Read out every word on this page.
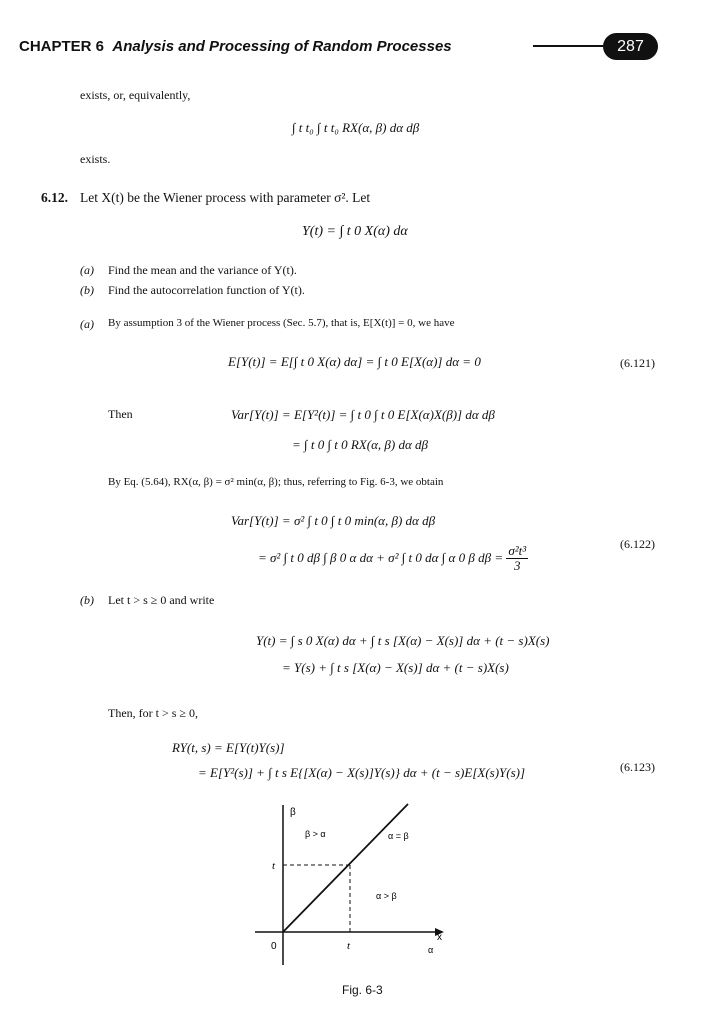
CHAPTER 6 Analysis and Processing of Random Processes	287
exists, or, equivalently,
∫ t t₀ ∫ t t₀ RX(α, β) dα dβ
exists.
6.12. Let X(t) be the Wiener process with parameter σ². Let
Y(t) = ∫ t 0 X(α) dα
(a) Find the mean and the variance of Y(t).
(b) Find the autocorrelation function of Y(t).
(a) By assumption 3 of the Wiener process (Sec. 5.7), that is, E[X(t)] = 0, we have
E[Y(t)] = E[∫ t 0 X(α) dα] = ∫ t 0 E[X(α)] dα = 0	(6.121)
Then	Var[Y(t)] = E[Y²(t)] = ∫ t 0 ∫ t 0 E[X(α)X(β)] dα dβ
= ∫ t 0 ∫ t 0 RX(α, β) dα dβ
By Eq. (5.64), RX(α, β) = σ² min(α, β); thus, referring to Fig. 6-3, we obtain
Var[Y(t)] = σ² ∫ t 0 ∫ t 0 min(α, β) dα dβ
= σ² ∫ t 0 dβ ∫ β 0 α dα + σ² ∫ t 0 dα ∫ α 0 β $d\beta = \frac{\text{σ²t³}}{3}$	(6.122)
(b) Let t > s ≥ 0 and write
Y(t) = ∫ s 0 X(α) dα + ∫ t s [X(α) − X(s)] dα + (t − s)X(s)
= Y(s) + ∫ t s [X(α) − X(s)] dα + (t − s)X(s)
Then, for t > s ≥ 0,
RY(t, s) = E[Y(t)Y(s)]
= E[Y²(s)] + ∫ t s E{[X(α) − X(s)]Y(s)} dα + (t − s)E[X(s)Y(s)]	(6.123)
β
β > α	α = β
α > β
t
t
0
x
α
Fig. 6-3
